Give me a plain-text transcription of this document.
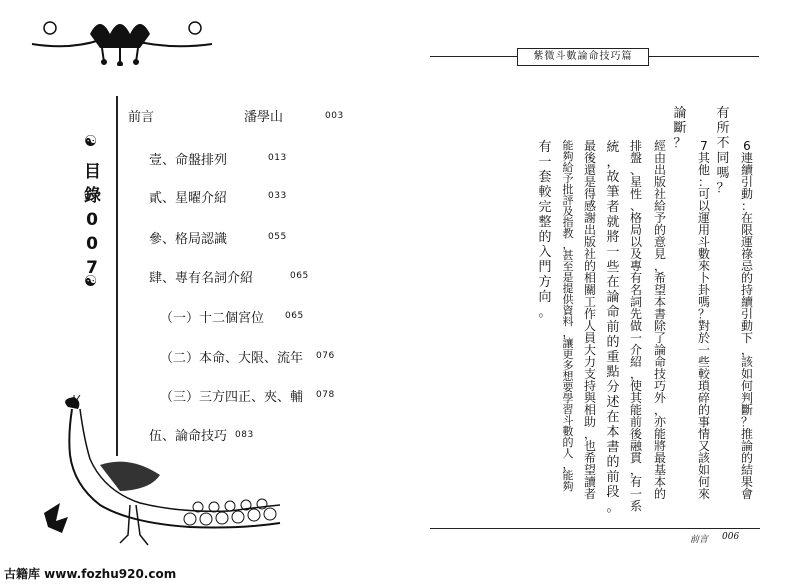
☯
目
錄
0
0
7
☯
前言	潘學山	003
壹、命盤排列	013
貳、星曜介紹	033
參、格局認識	055
肆、專有名詞介紹	065
（一）十二個宮位 065
（二）本命、大限、流年 076
（三）三方四正、夾、輔 078
伍、論命技巧 083
紫微斗數論命技巧篇
6
連
續
引
動
：
在
限
運
祿
忌
的
持
續
引
動
下
，
該
如
何
判
斷
？
推
論
的
結
果
會
有
所
不
同
嗎
？
7
其
他
：
可
以
運
用
斗
數
來
卜
卦
嗎
？
對
於
一
些
較
瑣
碎
的
事
情
又
該
如
何
來
論
斷
？
經
由
出
版
社
給
予
的
意
見
，
希
望
本
書
除
了
論
命
技
巧
外
，
亦
能
將
最
基
本
的
排
盤
、
星
性
、
格
局
以
及
專
有
名
詞
先
做
一
介
紹
，
使
其
能
前
後
融
貫
，
有
一
系
統
，
故
筆
者
就
將
一
些
在
論
命
前
的
重
點
分
述
在
本
書
的
前
段
。
最
後
還
是
得
感
謝
出
版
社
的
相
關
工
作
人
員
大
力
支
持
與
相
助
，
也
希
望
讀
者
能
夠
給
予
批
評
及
指
教
，
甚
至
是
提
供
資
料
，
讓
更
多
想
要
學
習
斗
數
的
人
，
能
夠
有
一
套
較
完
整
的
入
門
方
向
。
前言 006
古籍库 www.fozhu920.com
